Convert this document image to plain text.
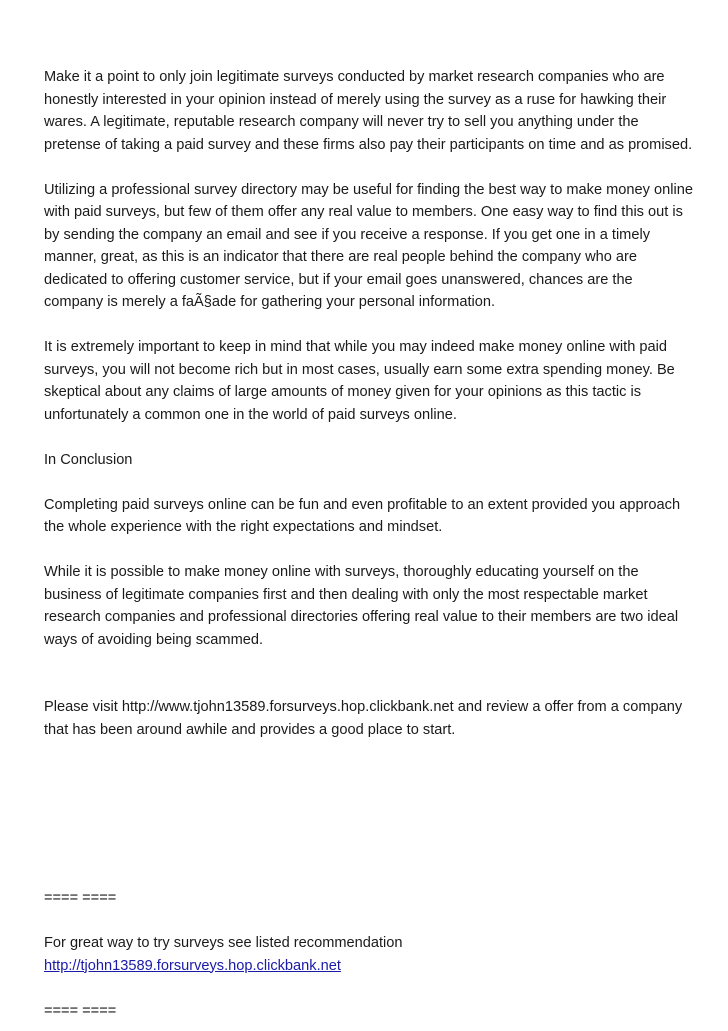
Make it a point to only join legitimate surveys conducted by market research companies who are honestly interested in your opinion instead of merely using the survey as a ruse for hawking their wares. A legitimate, reputable research company will never try to sell you anything under the pretense of taking a paid survey and these firms also pay their participants on time and as promised.

Utilizing a professional survey directory may be useful for finding the best way to make money online with paid surveys, but few of them offer any real value to members. One easy way to find this out is by sending the company an email and see if you receive a response. If you get one in a timely manner, great, as this is an indicator that there are real people behind the company who are dedicated to offering customer service, but if your email goes unanswered, chances are the company is merely a faÃ§ade for gathering your personal information.

It is extremely important to keep in mind that while you may indeed make money online with paid surveys, you will not become rich but in most cases, usually earn some extra spending money. Be skeptical about any claims of large amounts of money given for your opinions as this tactic is unfortunately a common one in the world of paid surveys online.

In Conclusion

Completing paid surveys online can be fun and even profitable to an extent provided you approach the whole experience with the right expectations and mindset.

While it is possible to make money online with surveys, thoroughly educating yourself on the business of legitimate companies first and then dealing with only the most respectable market research companies and professional directories offering real value to their members are two ideal ways of avoiding being scammed.

Please visit http://www.tjohn13589.forsurveys.hop.clickbank.net and review a offer from a company that has been around awhile and provides a good place to start.

==== ====

For great way to try surveys see listed recommendation

http://tjohn13589.forsurveys.hop.clickbank.net

==== ====
